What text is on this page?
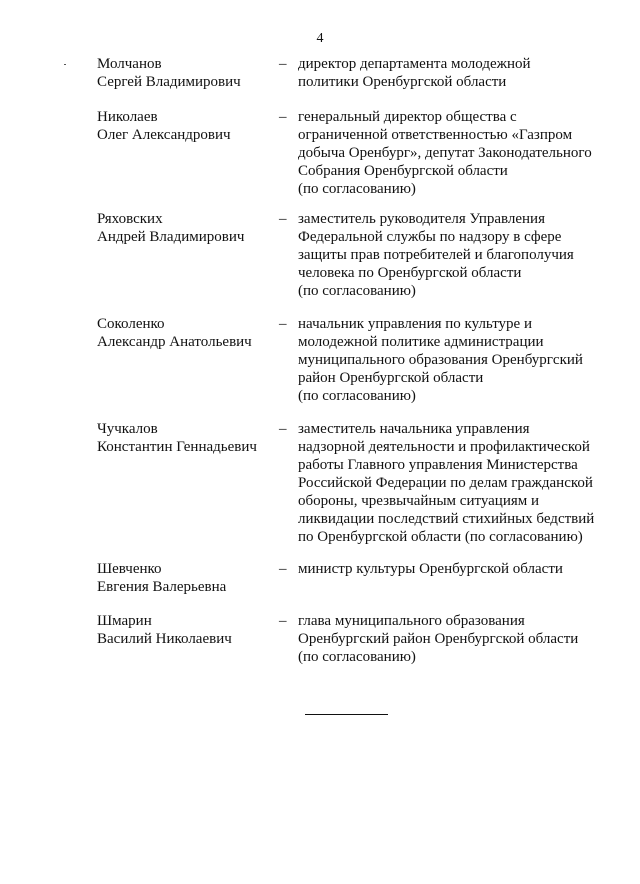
4
Молчанов
Сергей Владимирович
– директор департамента молодежной
политики Оренбургской области
Николаев
Олег Александрович
– генеральный директор общества с
ограниченной ответственностью «Газпром
добыча Оренбург», депутат Законодательного
Собрания Оренбургской области
(по согласованию)
Ряховских
Андрей Владимирович
– заместитель руководителя Управления
Федеральной службы по надзору в сфере
защиты прав потребителей и благополучия
человека по Оренбургской области
(по согласованию)
Соколенко
Александр Анатольевич
– начальник управления по культуре и
молодежной политике администрации
муниципального образования Оренбургский
район Оренбургской области
(по согласованию)
Чучкалов
Константин Геннадьевич
– заместитель начальника управления
надзорной деятельности и профилактической
работы Главного управления Министерства
Российской Федерации по делам гражданской
обороны, чрезвычайным ситуациям и
ликвидации последствий стихийных бедствий
по Оренбургской области (по согласованию)
Шевченко
Евгения Валерьевна
– министр культуры Оренбургской области
Шмарин
Василий Николаевич
– глава муниципального образования
Оренбургский район Оренбургской области
(по согласованию)
